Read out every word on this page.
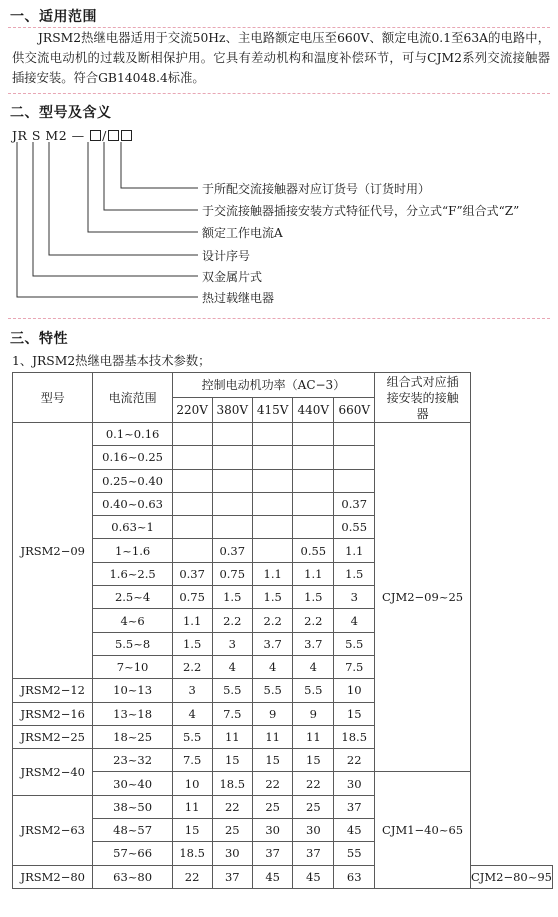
一、适用范围
JRSM2热继电器适用于交流50Hz、主电路额定电压至660V、额定电流0.1至63A的电路中，供交流电动机的过载及断相保护用。它具有差动机构和温度补偿环节，可与CJM2系列交流接触器插接安装。符合GB14048.4标准。
二、型号及含义
JR S M2 — /
于所配交流接触器对应订货号（订货时用）
于交流接触器插接安装方式特征代号，分立式“F”组合式“Z”
额定工作电流A
设计序号
双金属片式
热过载继电器
三、特性
1、JRSM2热继电器基本技术参数；
型号	电流范围	控制电动机功率（AC−3）					组合式对应插接安装的接触器	
		220V	380V	415V	440V	660V		
JRSM2−09	0.1~0.16						CJM2−09~25	
	0.16~0.25							
	0.25~0.40							
	0.40~0.63					0.37		
	0.63~1					0.55		
	1~1.6		0.37		0.55	1.1		
	1.6~2.5	0.37	0.75	1.1	1.1	1.5		
	2.5~4	0.75	1.5	1.5	1.5	3		
	4~6	1.1	2.2	2.2	2.2	4		
	5.5~8	1.5	3	3.7	3.7	5.5		
	7~10	2.2	4	4	4	7.5		
JRSM2−12	10~13	3	5.5	5.5	5.5	10		
JRSM2−16	13~18	4	7.5	9	9	15		
JRSM2−25	18~25	5.5	11	11	11	18.5		
JRSM2−40	23~32	7.5	15	15	15	22		
	30~40	10	18.5	22	22	30	CJM1−40~65	
JRSM2−63	38~50	11	22	25	25	37		
	48~57	15	25	30	30	45		
	57~66	18.5	30	37	37	55		
JRSM2−80	63~80	22	37	45	45	63		CJM2−80~95
